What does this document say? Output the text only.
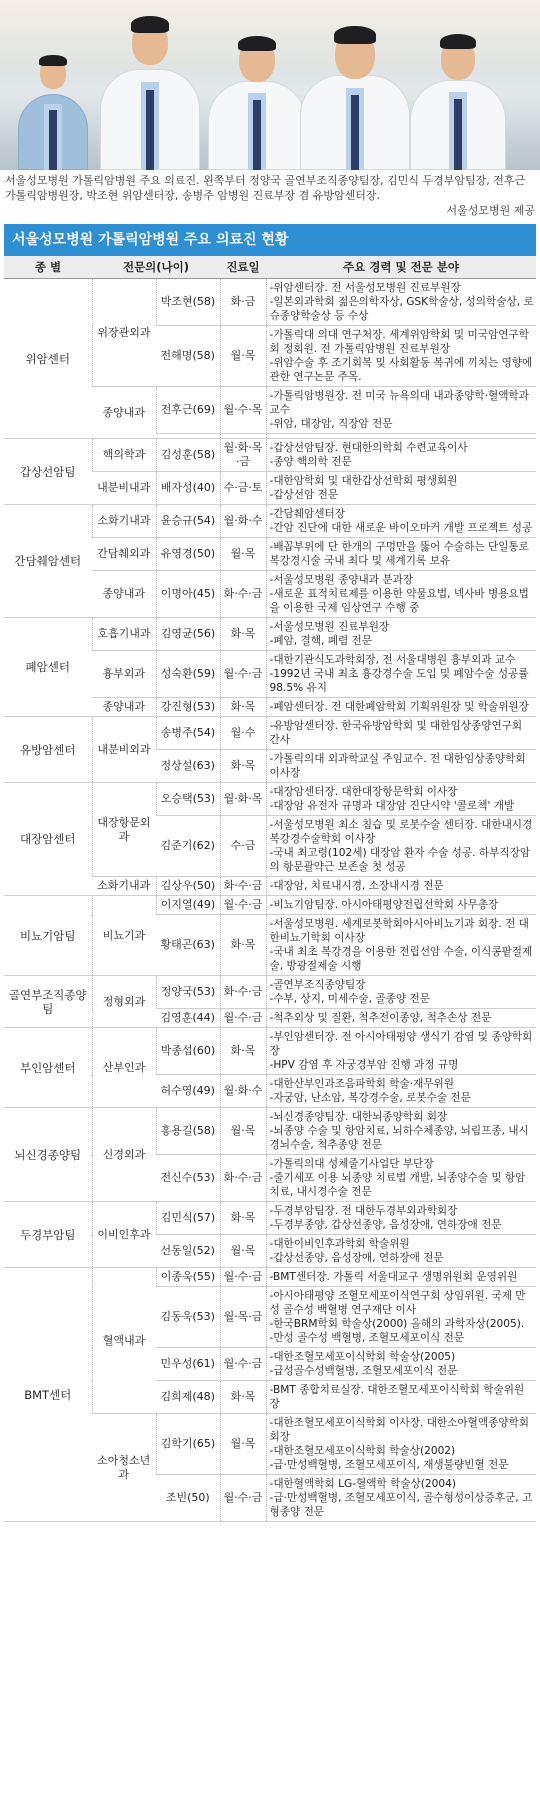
서울성모병원 가톨릭암병원 주요 의료진. 왼쪽부터 정양국 골연부조직종양팀장, 김민식 두경부암팀장, 전후근 가톨릭암병원장, 박조현 위암센터장, 송병주 암병원 진료부장 겸 유방암센터장.
서울성모병원 제공
서울성모병원 가톨릭암병원 주요 의료진 현황
종 별	전문의(나이)		진료일	주요 경력 및 전문 분야
위암센터	위장관외과	박조현(58)	화·금	-위암센터장. 전 서울성모병원 진료부원장
-일본외과학회 젊은의학자상, GSK학술상, 성의학술상, 로슈종양학술상 등 수상

		전해명(58)	월·목	-가톨릭대 의대 연구처장. 세계위암학회 및 미국암연구학회 정회원. 전 가톨릭암병원 진료부원장
-위암수술 후 조기회복 및 사회활동 복귀에 끼치는 영향에 관한 연구논문 주목.

	종양내과	전후근(69)	월·수·목	-가톨릭암병원장. 전 미국 뉴욕의대 내과종양학·혈액학과 교수
-위암, 대장암, 직장암 전문

갑상선암팀	핵의학과	김성훈(58)	월·화·목·금	-갑상선암팀장. 현대한의학회 수련교육이사
-종양 핵의학 전문

	내분비내과	배자성(40)	수·금·토	-대한암학회 및 대한갑상선학회 평생회원
-갑상선암 전문

간담췌암센터	소화기내과	윤승규(54)	월·화·수	-간담췌암센터장
-간암 진단에 대한 새로운 바이오마커 개발 프로젝트 성공

	간담췌외과	유영경(50)	월·목	-배꼽부위에 단 한개의 구멍만을 뚫어 수술하는 단일통로 복강경시술 국내 최다 및 세계기록 보유

	종양내과	이명아(45)	화·수·금	-서울성모병원 종양내과 분과장
-새로운 표적치료제를 이용한 약물요법, 넥사바 병용요법을 이용한 국제 임상연구 수행 중

폐암센터	호흡기내과	김영균(56)	화·목	-서울성모병원 진료부원장
-폐암, 결핵, 폐렴 전문

	흉부외과	성숙환(59)	월·수·금	-대한기관식도과학회장, 전 서울대병원 흉부외과 교수
-1992년 국내 최초 흉강경수술 도입 및 폐암수술 성공률 98.5% 유지

	종양내과	강진형(53)	화·목	-폐암센터장. 전 대한폐암학회 기획위원장 및 학술위원장

유방암센터	내분비외과	송병주(54)	월·수	-유방암센터장. 한국유방암학회 및 대한임상종양연구회 간사

		정상설(63)	화·목	-가톨릭의대 외과학교실 주임교수. 전 대한임상종양학회 이사장

대장암센터	대장항문외과	오승택(53)	월·화·목	-대장암센터장. 대한대장항문학회 이사장
-대장암 유전자 규명과 대장암 진단시약 '콜로첵' 개발

		김준기(62)	수·금	-서울성모병원 최소 침습 및 로봇수술 센터장. 대한내시경 복강경수술학회 이사장
-국내 최고령(102세) 대장암 환자 수술 성공. 하부직장암의 항문괄약근 보존술 첫 성공

	소화기내과	김상우(50)	화·수·금	-대장암, 치료내시경, 소장내시경 전문

비뇨기암팀	비뇨기과	이지열(49)	월·수·금	-비뇨기암팀장. 아시아태평양전립선학회 사무총장

		황태곤(63)	화·목	-서울성모병원. 세계로봇학회아시아비뇨기과 회장. 전 대한비뇨기학회 이사장
-국내 최초 복강경을 이용한 전립선암 수술, 이식콩팥절제술, 방광절제술 시행

골연부조직종양팀	정형외과	정양국(53)	화·수·금	-골연부조직종양팀장
-수부, 상지, 미세수술, 골종양 전문

		김영훈(44)	월·수·금	-척추외상 및 질환, 척추전이종양, 척추손상 전문

부인암센터	산부인과	박종섭(60)	화·목	-부인암센터장. 전 아시아태평양 생식기 감염 및 종양학회장
-HPV 감염 후 자궁경부암 진행 과정 규명

		허수영(49)	월·화·수	-대한산부인과조음파학회 학술·재무위원
-자궁암, 난소암, 복강경수술, 로봇수술 전문

뇌신경종양팀	신경외과	홍용길(58)	월·목	-뇌신경종양팀장. 대한뇌종양학회 회장
-뇌종양 수술 및 항암치료, 뇌하수체종양, 뇌림프종, 내시경뇌수술, 척추종양 전문

		전신수(53)	화·수·금	-가톨릭의대 성체줄기사업단 부단장
-줄기세포 이용 뇌종양 치료법 개발, 뇌종양수술 및 항암치료, 내시경수술 전문

두경부암팀	이비인후과	김민식(57)	화·목	-두경부암팀장. 전 대한두경부외과학회장
-두경부종양, 갑상선종양, 음성장애, 연하장애 전문

		선동일(52)	월·목	-대한이비인후과학회 학술위원
-갑상선종양, 음성장애, 연하장애 전문

BMT센터	혈액내과	이종욱(55)	월·수·금	-BMT센터장. 가톨릭 서울대교구 생명위원회 운영위원

		김동욱(53)	월·목·금	-아시아태평양 조혈모세포이식연구회 상임위원. 국제 만성 골수성 백혈병 연구재단 이사
-한국BRM학회 학술상(2000) 올해의 과학자상(2005).
-만성 골수성 백혈병, 조혈모세포이식 전문

		민우성(61)	월·수·금	-대한조혈모세포이식학회 학술상(2005)
-급성골수성백혈병, 조혈모세포이식 전문

		김희제(48)	화·목	-BMT 종합치료실장. 대한조혈모세포이식학회 학술위원장

	소아청소년과	김학기(65)	월·목	-대한조혈모세포이식학회 이사장. 대한소아혈액종양학회 회장
-대한조혈모세포이식학회 학술상(2002)
-급·만성백혈병, 조혈모세포이식, 재생불량빈혈 전문

		조빈(50)	월·수·금	-대한혈액학회 LG-혈액학 학술상(2004)
-급·만성백혈병, 조혈모세포이식, 골수형성이상증후군, 고형종양 전문
